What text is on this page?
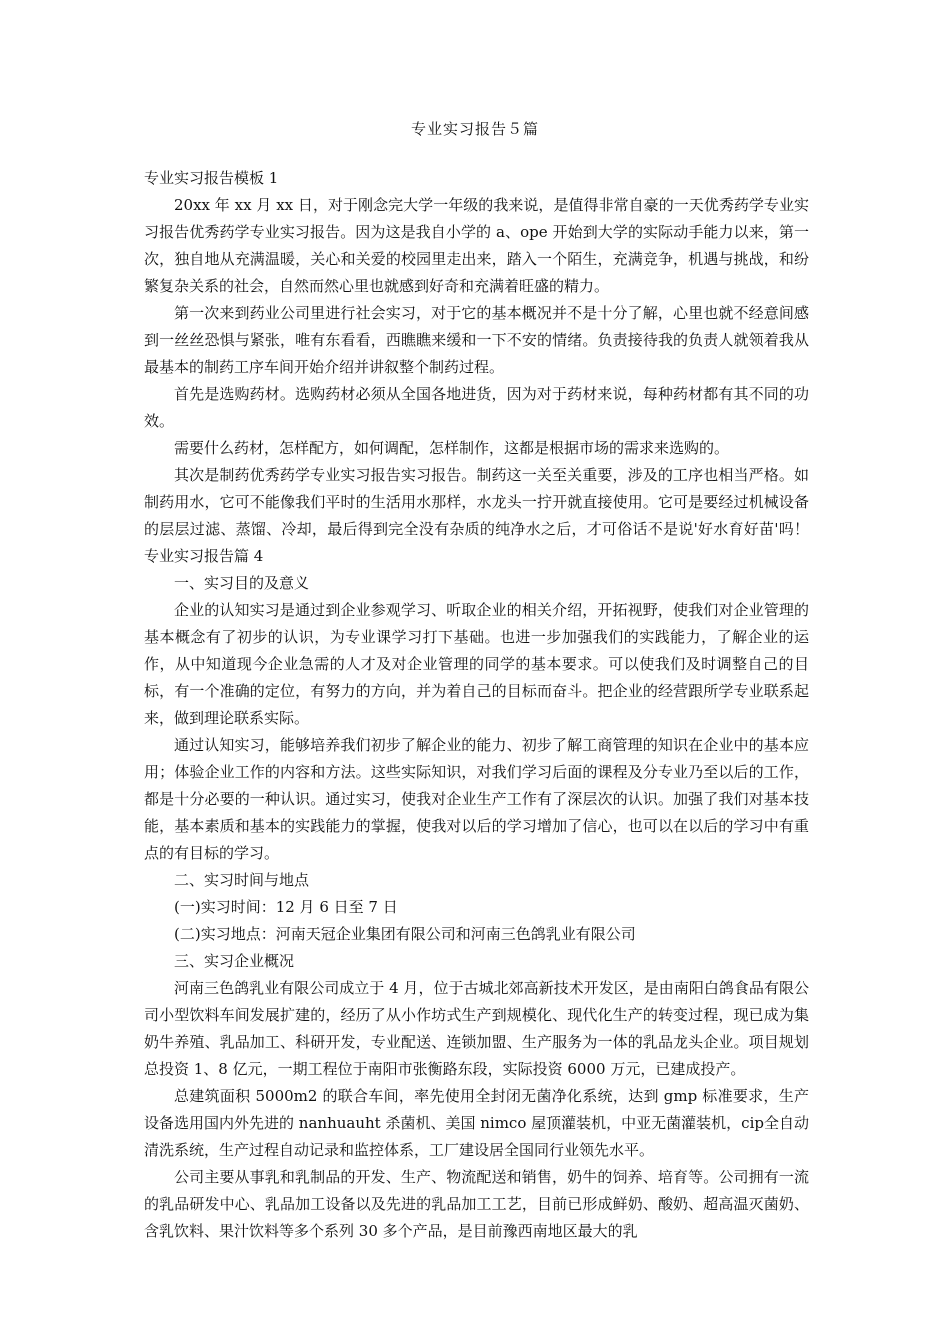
专业实习报告５篇

专业实习报告模板 1

20xx 年 xx 月 xx 日，对于刚念完大学一年级的我来说，是值得非常自豪的一天优秀药学专业实习报告优秀药学专业实习报告。因为这是我自小学的 a、ope 开始到大学的实际动手能力以来，第一次，独自地从充满温暖，关心和关爱的校园里走出来，踏入一个陌生，充满竞争，机遇与挑战，和纷繁复杂关系的社会，自然而然心里也就感到好奇和充满着旺盛的精力。

第一次来到药业公司里进行社会实习，对于它的基本概况并不是十分了解，心里也就不经意间感到一丝丝恐惧与紧张，唯有东看看，西瞧瞧来缓和一下不安的情绪。负责接待我的负责人就领着我从最基本的制药工序车间开始介绍并讲叙整个制药过程。

首先是选购药材。选购药材必须从全国各地进货，因为对于药材来说，每种药材都有其不同的功效。

需要什么药材，怎样配方，如何调配，怎样制作，这都是根据市场的需求来选购的。

其次是制药优秀药学专业实习报告实习报告。制药这一关至关重要，涉及的工序也相当严格。如制药用水，它可不能像我们平时的生活用水那样，水龙头一拧开就直接使用。它可是要经过机械设备的层层过滤、蒸馏、冷却，最后得到完全没有杂质的纯净水之后，才可俗话不是说'好水育好苗'吗！ 专业实习报告篇 4

一、实习目的及意义

企业的认知实习是通过到企业参观学习、听取企业的相关介绍，开拓视野，使我们对企业管理的基本概念有了初步的认识，为专业课学习打下基础。也进一步加强我们的实践能力，了解企业的运作，从中知道现今企业急需的人才及对企业管理的同学的基本要求。可以使我们及时调整自己的目标，有一个准确的定位，有努力的方向，并为着自己的目标而奋斗。把企业的经营跟所学专业联系起来，做到理论联系实际。

通过认知实习，能够培养我们初步了解企业的能力、初步了解工商管理的知识在企业中的基本应用；体验企业工作的内容和方法。这些实际知识，对我们学习后面的课程及分专业乃至以后的工作，都是十分必要的一种认识。通过实习，使我对企业生产工作有了深层次的认识。加强了我们对基本技能，基本素质和基本的实践能力的掌握，使我对以后的学习增加了信心，也可以在以后的学习中有重点的有目标的学习。

二、实习时间与地点

(一)实习时间：12 月 6 日至 7 日

(二)实习地点：河南天冠企业集团有限公司和河南三色鸽乳业有限公司

三、实习企业概况

河南三色鸽乳业有限公司成立于 4 月，位于古城北郊高新技术开发区，是由南阳白鸽食品有限公司小型饮料车间发展扩建的，经历了从小作坊式生产到规模化、现代化生产的转变过程，现已成为集奶牛养殖、乳品加工、科研开发，专业配送、连锁加盟、生产服务为一体的乳品龙头企业。项目规划总投资 1、8 亿元，一期工程位于南阳市张衡路东段，实际投资 6000 万元，已建成投产。

总建筑面积 5000m2 的联合车间，率先使用全封闭无菌净化系统，达到 gmp 标准要求，生产设备选用国内外先进的 nanhuauht 杀菌机、美国 nimco 屋顶灌装机，中亚无菌灌装机，cip全自动清洗系统，生产过程自动记录和监控体系，工厂建设居全国同行业领先水平。

公司主要从事乳和乳制品的开发、生产、物流配送和销售，奶牛的饲养、培育等。公司拥有一流的乳品研发中心、乳品加工设备以及先进的乳品加工工艺，目前已形成鲜奶、酸奶、超高温灭菌奶、含乳饮料、果汁饮料等多个系列 30 多个产品，是目前豫西南地区最大的乳
